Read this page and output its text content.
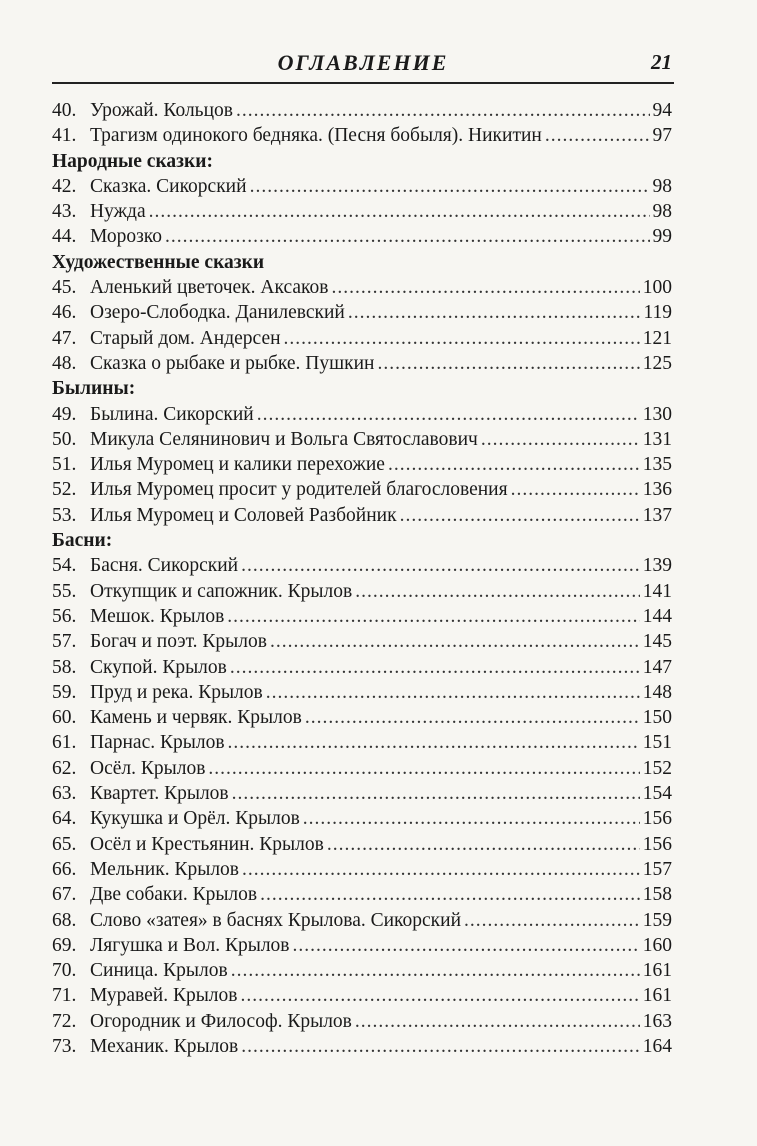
ОГЛАВЛЕНИЕ	21
40. Урожай. Кольцов .....	94
41. Трагизм одинокого бедняка. (Песня бобыля). Никитин .....	97
Народные сказки:
42. Сказка. Сикорский .....	98
43. Нужда .....	98
44. Морозко .....	99
Художественные сказки
45. Аленький цветочек. Аксаков .....	100
46. Озеро-Слободка. Данилевский .....	119
47. Старый дом. Андерсен .....	121
48. Сказка о рыбаке и рыбке. Пушкин .....	125
Былины:
49. Былина. Сикорский .....	130
50. Микула Селянинович и Вольга Святославович .....	131
51. Илья Муромец и калики перехожие .....	135
52. Илья Муромец просит у родителей благословения .....	136
53. Илья Муромец и Соловей Разбойник .....	137
Басни:
54. Басня. Сикорский .....	139
55. Откупщик и сапожник. Крылов .....	141
56. Мешок. Крылов .....	144
57. Богач и поэт. Крылов .....	145
58. Скупой. Крылов .....	147
59. Пруд и река. Крылов .....	148
60. Камень и червяк. Крылов .....	150
61. Парнас. Крылов .....	151
62. Осёл. Крылов .....	152
63. Квартет. Крылов .....	154
64. Кукушка и Орёл. Крылов .....	156
65. Осёл и Крестьянин. Крылов .....	156
66. Мельник. Крылов .....	157
67. Две собаки. Крылов .....	158
68. Слово «затея» в баснях Крылова. Сикорский .....	159
69. Лягушка и Вол. Крылов .....	160
70. Синица. Крылов .....	161
71. Муравей. Крылов .....	161
72. Огородник и Философ. Крылов .....	163
73. Механик. Крылов .....	164
